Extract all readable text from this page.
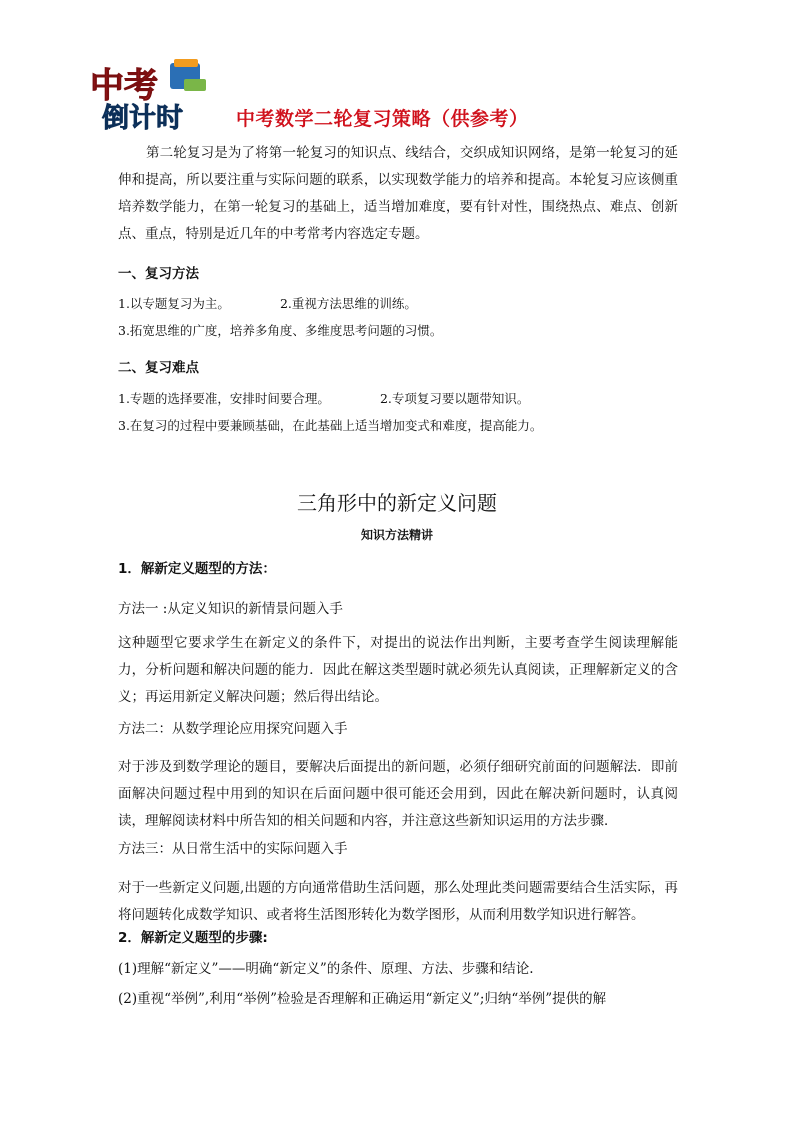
中考
倒计时	中考数学二轮复习策略（供参考）
第二轮复习是为了将第一轮复习的知识点、线结合，交织成知识网络，是第一轮复习的延伸和提高，所以要注重与实际问题的联系，以实现数学能力的培养和提高。本轮复习应该侧重培养数学能力，在第一轮复习的基础上，适当增加难度，要有针对性，围绕热点、难点、创新点、重点，特别是近几年的中考常考内容选定专题。
一、复习方法
1.以专题复习为主。	2.重视方法思维的训练。
3.拓宽思维的广度，培养多角度、多维度思考问题的习惯。
二、复习难点
1.专题的选择要准，安排时间要合理。	2.专项复习要以题带知识。
3.在复习的过程中要兼顾基础，在此基础上适当增加变式和难度，提高能力。
三角形中的新定义问题
知识方法精讲
1．解新定义题型的方法：
方法一 :从定义知识的新情景问题入手
这种题型它要求学生在新定义的条件下，对提出的说法作出判断，主要考查学生阅读理解能力，分析问题和解决问题的能力．因此在解这类型题时就必须先认真阅读，正理解新定义的含义；再运用新定义解决问题；然后得出结论。
方法二：从数学理论应用探究问题入手
对于涉及到数学理论的题目，要解决后面提出的新问题，必须仔细研究前面的问题解法．即前面解决问题过程中用到的知识在后面问题中很可能还会用到，因此在解决新问题时，认真阅读，理解阅读材料中所告知的相关问题和内容，并注意这些新知识运用的方法步骤．
方法三：从日常生活中的实际问题入手
对于一些新定义问题,出题的方向通常借助生活问题，那么处理此类问题需要结合生活实际，再将问题转化成数学知识、或者将生活图形转化为数学图形，从而利用数学知识进行解答。
2．解新定义题型的步骤:
(1)理解“新定义”——明确“新定义”的条件、原理、方法、步骤和结论.
(2)重视“举例”,利用“举例”检验是否理解和正确运用“新定义”;归纳“举例”提供的解
